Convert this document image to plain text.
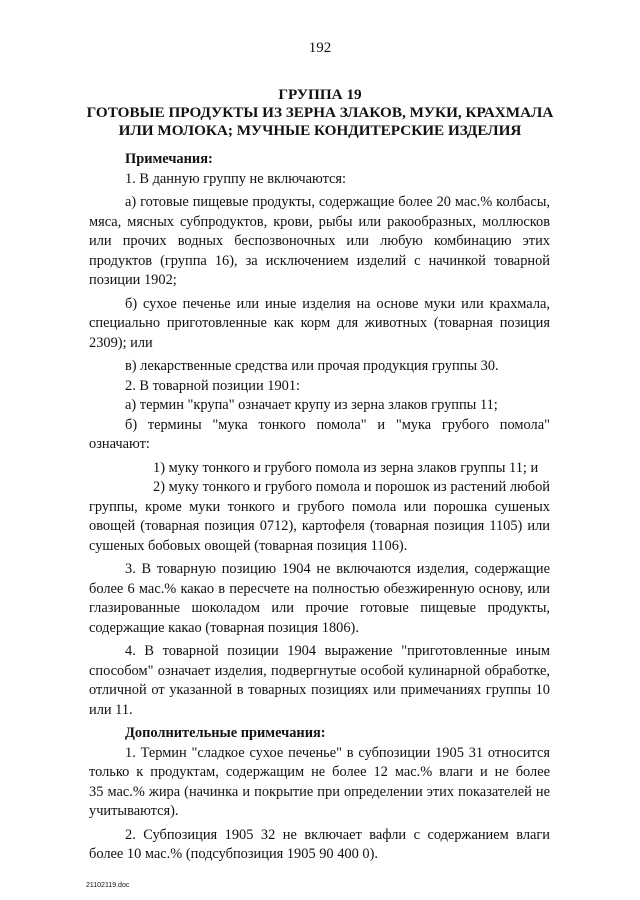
192
ГРУППА 19
ГОТОВЫЕ ПРОДУКТЫ ИЗ ЗЕРНА ЗЛАКОВ, МУКИ, КРАХМАЛА
ИЛИ МОЛОКА; МУЧНЫЕ КОНДИТЕРСКИЕ ИЗДЕЛИЯ
Примечания:
1. В данную группу не включаются:
а) готовые пищевые продукты, содержащие более 20 мас.% колбасы,
мяса, мясных субпродуктов, крови, рыбы или ракообразных, моллюсков
или прочих водных беспозвоночных или любую комбинацию этих
продуктов (группа 16), за исключением изделий с начинкой товарной
позиции 1902;
б) сухое печенье или иные изделия на основе муки или крахмала,
специально приготовленные как корм для животных (товарная позиция
2309); или
в) лекарственные средства или прочая продукция группы 30.
2. В товарной позиции 1901:
а) термин "крупа" означает крупу из зерна злаков группы 11;
б) термины "мука тонкого помола" и "мука грубого помола"
означают:
1) муку тонкого и грубого помола из зерна злаков группы 11; и
2) муку тонкого и грубого помола и порошок из растений любой
группы, кроме муки тонкого и грубого помола или порошка сушеных
овощей (товарная позиция 0712), картофеля (товарная позиция 1105) или
сушеных бобовых овощей (товарная позиция 1106).
3. В товарную позицию 1904 не включаются изделия, содержащие
более 6 мас.% какао в пересчете на полностью обезжиренную основу, или
глазированные шоколадом или прочие готовые пищевые продукты,
содержащие какао (товарная позиция 1806).
4. В товарной позиции 1904 выражение "приготовленные иным
способом" означает изделия, подвергнутые особой кулинарной обработке,
отличной от указанной в товарных позициях или примечаниях группы 10
или 11.
Дополнительные примечания:
1. Термин "сладкое сухое печенье" в субпозиции 1905 31 относится
только к продуктам, содержащим не более 12 мас.% влаги и не более
35 мас.% жира (начинка и покрытие при определении этих показателей не
учитываются).
2. Субпозиция 1905 32 не включает вафли с содержанием влаги
более 10 мас.% (подсубпозиция 1905 90 400 0).
21102119.doc
